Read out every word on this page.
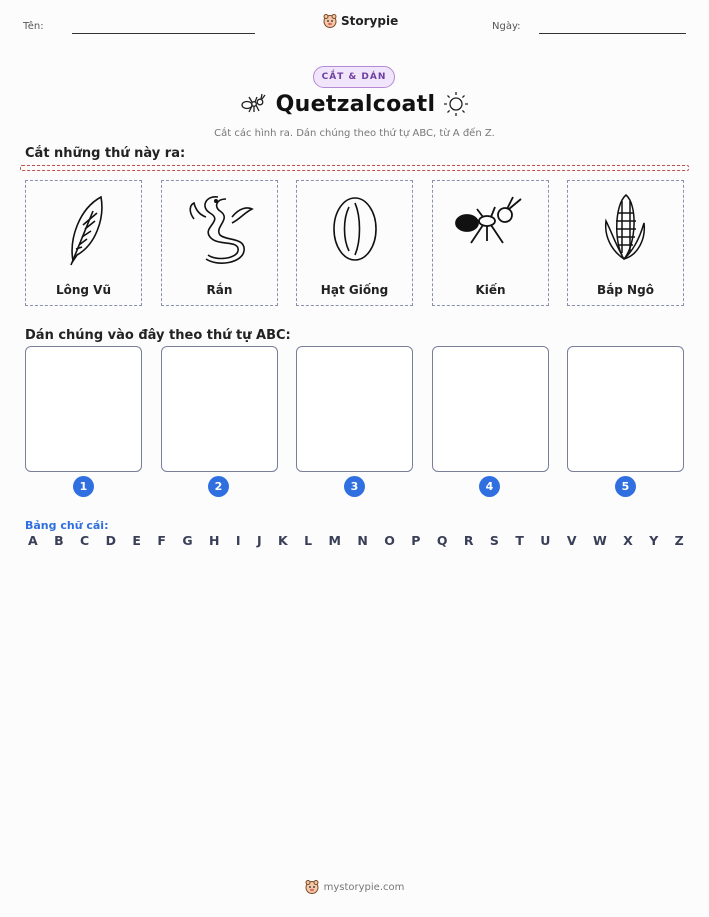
Tên:	Storypie	Ngày:
CẮT & DÁN
Quetzalcoatl
Cắt các hình ra. Dán chúng theo thứ tự ABC, từ A đến Z.
Cắt những thứ này ra:
Lông Vũ	Rắn	Hạt Giống	Kiến	Bắp Ngô
Dán chúng vào đây theo thứ tự ABC:
1	2	3	4	5
Bảng chữ cái:
A B C D E F G H I J K L M N O P Q R S T U V W X Y Z
mystorypie.com
